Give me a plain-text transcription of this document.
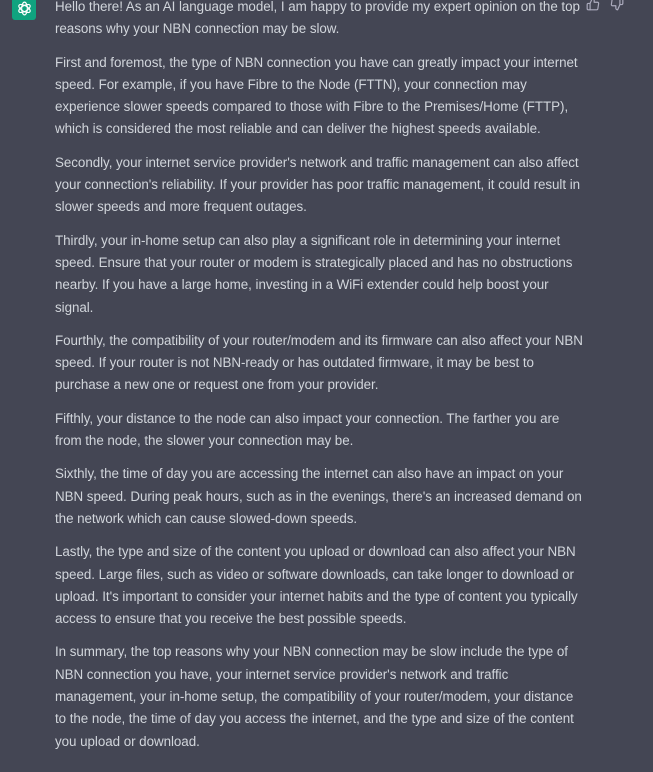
Hello there! As an AI language model, I am happy to provide my expert opinion on the top reasons why your NBN connection may be slow.

First and foremost, the type of NBN connection you have can greatly impact your internet speed. For example, if you have Fibre to the Node (FTTN), your connection may experience slower speeds compared to those with Fibre to the Premises/Home (FTTP), which is considered the most reliable and can deliver the highest speeds available.

Secondly, your internet service provider's network and traffic management can also affect your connection's reliability. If your provider has poor traffic management, it could result in slower speeds and more frequent outages.

Thirdly, your in-home setup can also play a significant role in determining your internet speed. Ensure that your router or modem is strategically placed and has no obstructions nearby. If you have a large home, investing in a WiFi extender could help boost your signal.

Fourthly, the compatibility of your router/modem and its firmware can also affect your NBN speed. If your router is not NBN-ready or has outdated firmware, it may be best to purchase a new one or request one from your provider.

Fifthly, your distance to the node can also impact your connection. The farther you are from the node, the slower your connection may be.

Sixthly, the time of day you are accessing the internet can also have an impact on your NBN speed. During peak hours, such as in the evenings, there's an increased demand on the network which can cause slowed-down speeds.

Lastly, the type and size of the content you upload or download can also affect your NBN speed. Large files, such as video or software downloads, can take longer to download or upload. It's important to consider your internet habits and the type of content you typically access to ensure that you receive the best possible speeds.

In summary, the top reasons why your NBN connection may be slow include the type of NBN connection you have, your internet service provider's network and traffic management, your in-home setup, the compatibility of your router/modem, your distance to the node, the time of day you access the internet, and the type and size of the content you upload or download.
